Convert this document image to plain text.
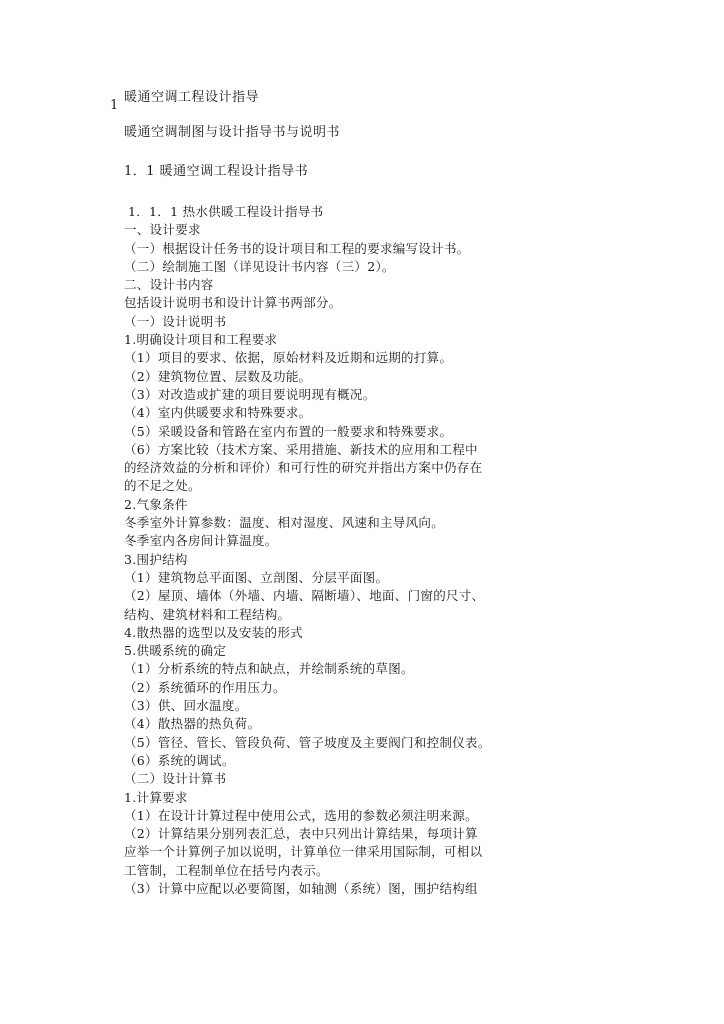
1
暖通空调工程设计指导
暖通空调制图与设计指导书与说明书
1．1 暖通空调工程设计指导书
1．1．1 热水供暖工程设计指导书
一、设计要求
（一）根据设计任务书的设计项目和工程的要求编写设计书。
（二）绘制施工图（详见设计书内容（三）2）。
二、设计书内容
包括设计说明书和设计计算书两部分。
（一）设计说明书
1.明确设计项目和工程要求
（1）项目的要求、依据，原始材料及近期和远期的打算。
（2）建筑物位置、层数及功能。
（3）对改造或扩建的项目要说明现有概况。
（4）室内供暖要求和特殊要求。
（5）采暖设备和管路在室内布置的一般要求和特殊要求。
（6）方案比较（技术方案、采用措施、新技术的应用和工程中
的经济效益的分析和评价）和可行性的研究并指出方案中仍存在
的不足之处。
2.气象条件
冬季室外计算参数：温度、相对湿度、风速和主导风向。
冬季室内各房间计算温度。
3.围护结构
（1）建筑物总平面图、立剖图、分层平面图。
（2）屋顶、墙体（外墙、内墙、隔断墙）、地面、门窗的尺寸、
结构、建筑材料和工程结构。
4.散热器的选型以及安装的形式
5.供暖系统的确定
（1）分析系统的特点和缺点，并绘制系统的草图。
（2）系统循环的作用压力。
（3）供、回水温度。
（4）散热器的热负荷。
（5）管径、管长、管段负荷、管子坡度及主要阀门和控制仪表。
（6）系统的调试。
（二）设计计算书
1.计算要求
（1）在设计计算过程中使用公式，选用的参数必须注明来源。
（2）计算结果分别列表汇总，表中只列出计算结果，每项计算
应举一个计算例子加以说明，计算单位一律采用国际制，可相以
工管制，工程制单位在括号内表示。
（3）计算中应配以必要简图，如轴测（系统）图，围护结构组
